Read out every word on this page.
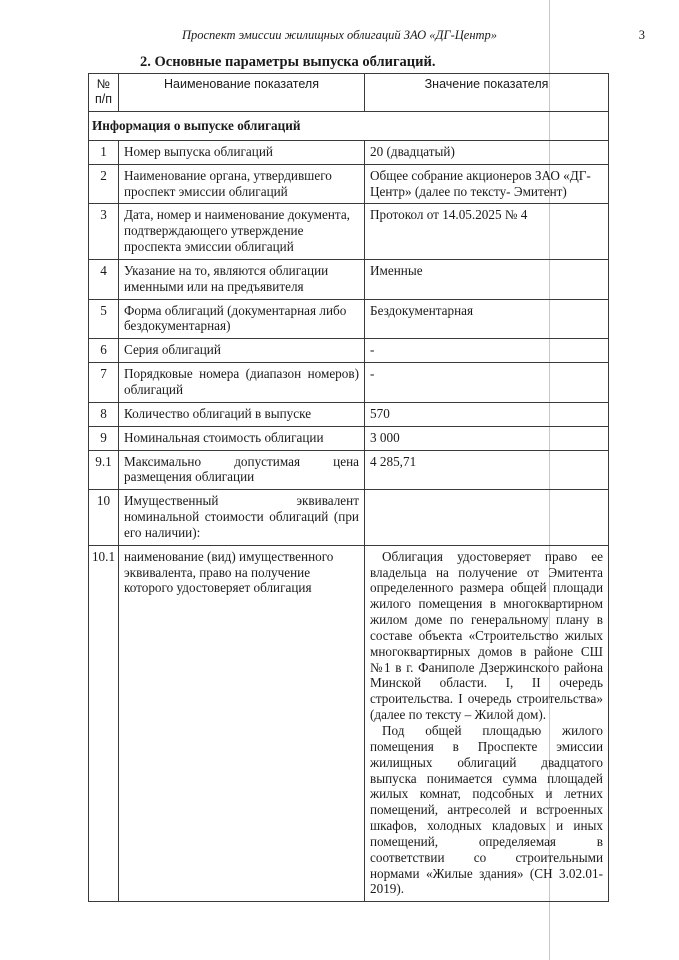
Проспект эмиссии жилищных облигаций ЗАО «ДГ-Центр»	3
2. Основные параметры выпуска облигаций.
№ п/п	Наименование показателя	Значение показателя
Информация о выпуске облигаций		
1	Номер выпуска облигаций	20 (двадцатый)
2	Наименование органа, утвердившего проспект эмиссии облигаций	Общее собрание акционеров ЗАО «ДГ-Центр» (далее по тексту- Эмитент)
3	Дата, номер и наименование документа, подтверждающего утверждение проспекта эмиссии облигаций	Протокол от 14.05.2025 № 4
4	Указание на то, являются облигации именными или на предъявителя	Именные
5	Форма облигаций (документарная либо бездокументарная)	Бездокументарная
6	Серия облигаций	-
7	Порядковые номера (диапазон номеров) облигаций	-
8	Количество облигаций в выпуске	570
9	Номинальная стоимость облигации	3 000
9.1	Максимально допустимая цена размещения облигации	4 285,71
10	Имущественный эквивалент номинальной стоимости облигаций (при его наличии):	
10.1	наименование (вид) имущественного эквивалента, право на получение которого удостоверяет облигация	Облигация удостоверяет право ее владельца на получение от Эмитента определенного размера общей площади жилого помещения в многоквартирном жилом доме по генеральному плану в составе объекта «Строительство жилых многоквартирных домов в районе СШ №1 в г. Фаниполе Дзержинского района Минской области. I, II очередь строительства. I очередь строительства» (далее по тексту – Жилой дом).

Под общей площадью жилого помещения в Проспекте эмиссии жилищных облигаций двадцатого выпуска понимается сумма площадей жилых комнат, подсобных и летних помещений, антресолей и встроенных шкафов, холодных кладовых и иных помещений, определяемая в соответствии со строительными нормами «Жилые здания» (СН 3.02.01-2019).
